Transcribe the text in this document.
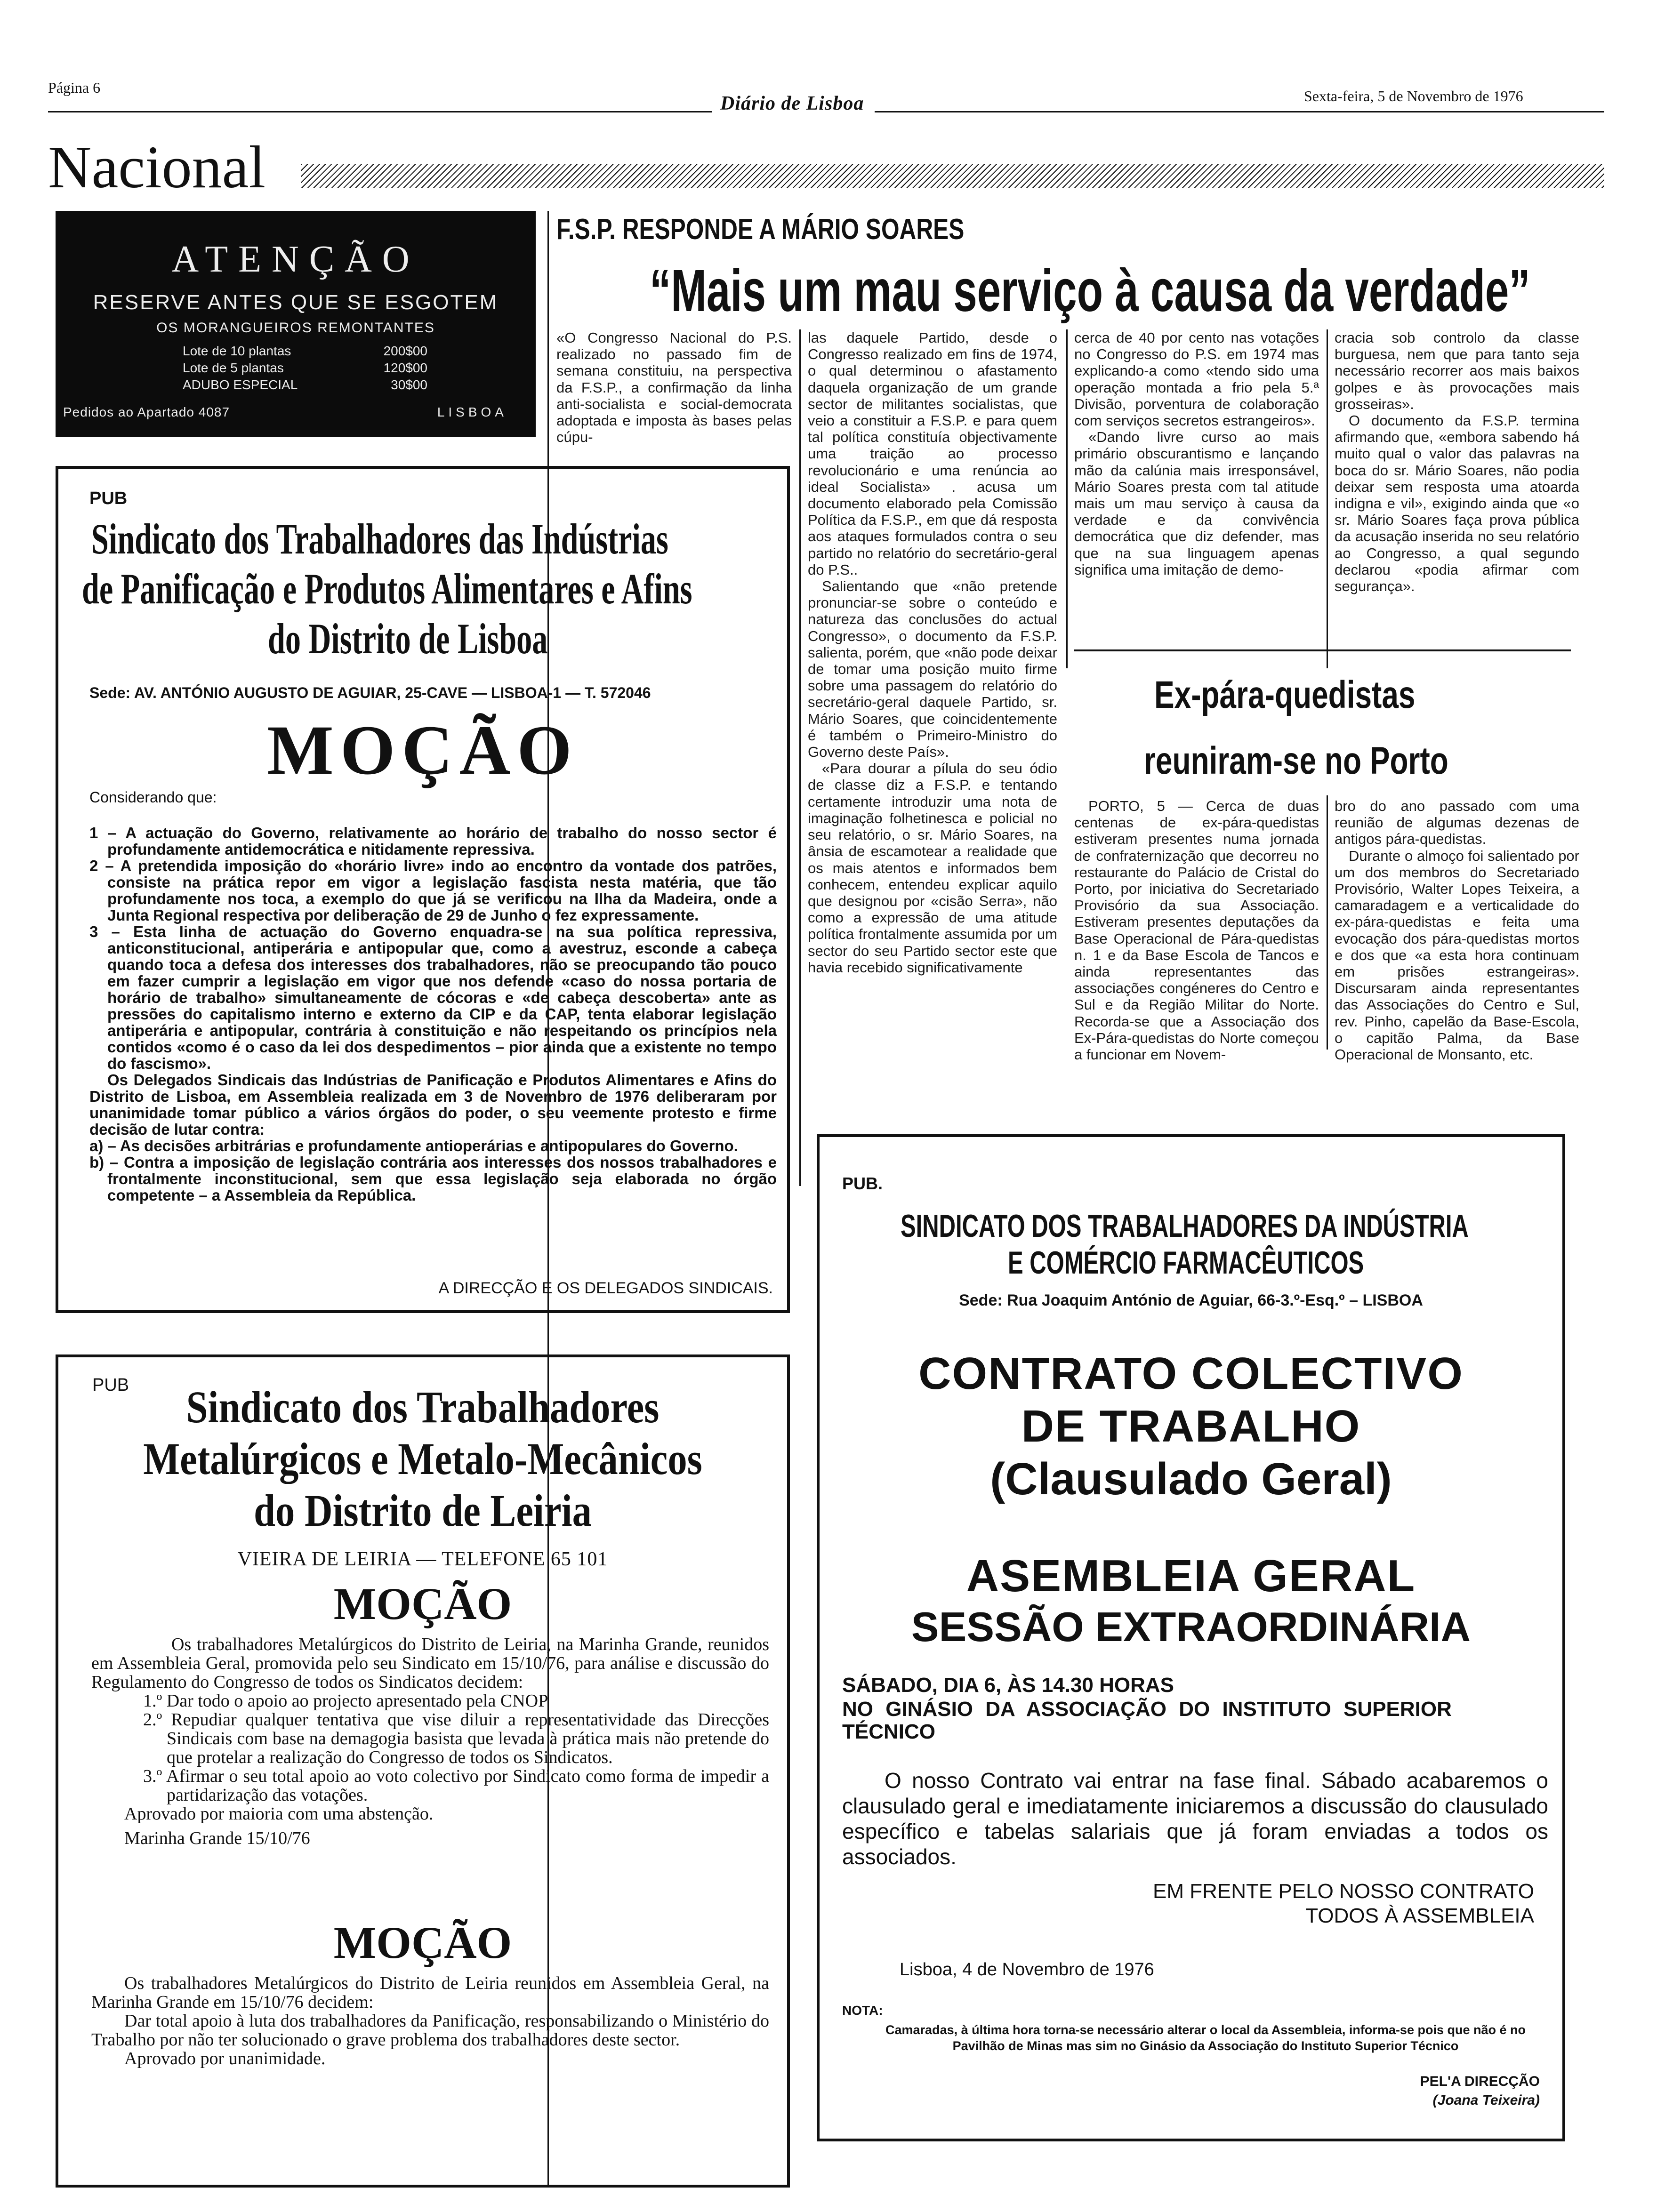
Página 6
Diário de Lisboa	Sexta-feira, 5 de Novembro de 1976
Nacional
ATENÇÃO
RESERVE ANTES QUE SE ESGOTEM
OS MORANGUEIROS REMONTANTES
Lote de 10 plantas	200$00
Lote de 5 plantas	120$00
ADUBO ESPECIAL	30$00
Pedidos ao Apartado 4087	LISBOA
F.S.P. RESPONDE A MÁRIO SOARES
“Mais um mau serviço à causa da verdade”

«O Congresso Nacional do P.S. realizado no passado fim de semana constituiu, na perspectiva da F.S.P., a confirmação da linha anti-socialista e social-democrata adoptada e imposta às bases pelas cúpu-

las daquele Partido, desde o Congresso realizado em fins de 1974, o qual determinou o afastamento daquela organização de um grande sector de militantes socialistas, que veio a constituir a F.S.P. e para quem tal política constituía objectivamente uma traição ao processo revolucionário e uma renúncia ao ideal Socialista» . acusa um documento elaborado pela Comissão Política da F.S.P., em que dá resposta aos ataques formulados contra o seu partido no relatório do secretário-geral do P.S..

Salientando que «não pretende pronunciar-se sobre o conteúdo e natureza das conclusões do actual Congresso», o documento da F.S.P. salienta, porém, que «não pode deixar de tomar uma posição muito firme sobre uma passagem do relatório do secretário-geral daquele Partido, sr. Mário Soares, que coincidentemente é também o Primeiro-Ministro do Governo deste País».

«Para dourar a pílula do seu ódio de classe diz a F.S.P. e tentando certamente introduzir uma nota de imaginação folhetinesca e policial no seu relatório, o sr. Mário Soares, na ânsia de escamotear a realidade que os mais atentos e informados bem conhecem, entendeu explicar aquilo que designou por «cisão Serra», não como a expressão de uma atitude política frontalmente assumida por um sector do seu Partido sector este que havia recebido significativamente

cerca de 40 por cento nas votações no Congresso do P.S. em 1974 mas explicando-a como «tendo sido uma operação montada a frio pela 5.ª Divisão, porventura de colaboração com serviços secretos estrangeiros».

«Dando livre curso ao mais primário obscurantismo e lançando mão da calúnia mais irresponsável, Mário Soares presta com tal atitude mais um mau serviço à causa da verdade e da convivência democrática que diz defender, mas que na sua linguagem apenas significa uma imitação de demo-

cracia sob controlo da classe burguesa, nem que para tanto seja necessário recorrer aos mais baixos golpes e às provocações mais grosseiras».

O documento da F.S.P. termina afirmando que, «embora sabendo há muito qual o valor das palavras na boca do sr. Mário Soares, não podia deixar sem resposta uma atoarda indigna e vil», exigindo ainda que «o sr. Mário Soares faça prova pública da acusação inserida no seu relatório ao Congresso, a qual segundo declarou «podia afirmar com segurança».

Ex-pára-quedistas
reuniram-se no Porto

PORTO, 5 — Cerca de duas centenas de ex-pára-quedistas estiveram presentes numa jornada de confraternização que decorreu no restaurante do Palácio de Cristal do Porto, por iniciativa do Secretariado Provisório da sua Associação. Estiveram presentes deputações da Base Operacional de Pára-quedistas n. 1 e da Base Escola de Tancos e ainda representantes das associações congéneres do Centro e Sul e da Região Militar do Norte. Recorda-se que a Associação dos Ex-Pára-quedistas do Norte começou a funcionar em Novem-

bro do ano passado com uma reunião de algumas dezenas de antigos pára-quedistas.

Durante o almoço foi salientado por um dos membros do Secretariado Provisório, Walter Lopes Teixeira, a camaradagem e a verticalidade do ex-pára-quedistas e feita uma evocação dos pára-quedistas mortos e dos que «a esta hora continuam em prisões estrangeiras». Discursaram ainda representantes das Associações do Centro e Sul, rev. Pinho, capelão da Base-Escola, o capitão Palma, da Base Operacional de Monsanto, etc.

PUB
Sindicato dos Trabalhadores das Indústrias
de Panificação e Produtos Alimentares e Afins
do Distrito de Lisboa
Sede: AV. ANTÓNIO AUGUSTO DE AGUIAR, 25-CAVE — LISBOA-1 — T. 572046
MOÇÃO
Considerando que:

1 – A actuação do Governo, relativamente ao horário de trabalho do nosso sector é profundamente antidemocrática e nitidamente repressiva.

2 – A pretendida imposição do «horário livre» indo ao encontro da vontade dos patrões, consiste na prática repor em vigor a legislação fascista nesta matéria, que tão profundamente nos toca, a exemplo do que já se verificou na Ilha da Madeira, onde a Junta Regional respectiva por deliberação de 29 de Junho o fez expressamente.

3 – Esta linha de actuação do Governo enquadra-se na sua política repressiva, anticonstitucional, antiperária e antipopular que, como a avestruz, esconde a cabeça quando toca a defesa dos interesses dos trabalhadores, não se preocupando tão pouco em fazer cumprir a legislação em vigor que nos defende «caso do nossa portaria de horário de trabalho» simultaneamente de cócoras e «de cabeça descoberta» ante as pressões do capitalismo interno e externo da CIP e da CAP, tenta elaborar legislação antiperária e antipopular, contrária à constituição e não respeitando os princípios nela contidos «como é o caso da lei dos despedimentos – pior ainda que a existente no tempo do fascismo».

Os Delegados Sindicais das Indústrias de Panificação e Produtos Alimentares e Afins do Distrito de Lisboa, em Assembleia realizada em 3 de Novembro de 1976 deliberaram por unanimidade tomar público a vários órgãos do poder, o seu veemente protesto e firme decisão de lutar contra:

a) – As decisões arbitrárias e profundamente antioperárias e antipopulares do Governo.

b) – Contra a imposição de legislação contrária aos interesses dos nossos trabalhadores e frontalmente inconstitucional, sem que essa legislação seja elaborada no órgão competente – a Assembleia da República.

A DIRECÇÃO E OS DELEGADOS SINDICAIS.
PUB	Sindicato dos Trabalhadores
Metalúrgicos e Metalo-Mecânicos
do Distrito de Leiria
VIEIRA DE LEIRIA — TELEFONE 65 101
MOÇÃO

Os trabalhadores Metalúrgicos do Distrito de Leiria, na Marinha Grande, reunidos em Assembleia Geral, promovida pelo seu Sindicato em 15/10/76, para análise e discussão do Regulamento do Congresso de todos os Sindicatos decidem:

1.º Dar todo o apoio ao projecto apresentado pela CNOP

2.º Repudiar qualquer tentativa que vise diluir a representatividade das Direcções Sindicais com base na demagogia basista que levada à prática mais não pretende do que protelar a realização do Congresso de todos os Sindicatos.

3.º Afirmar o seu total apoio ao voto colectivo por Sindicato como forma de impedir a partidarização das votações.

Aprovado por maioria com uma abstenção.

Marinha Grande 15/10/76

MOÇÃO

Os trabalhadores Metalúrgicos do Distrito de Leiria reunidos em Assembleia Geral, na Marinha Grande em 15/10/76 decidem:

Dar total apoio à luta dos trabalhadores da Panificação, responsabilizando o Ministério do Trabalho por não ter solucionado o grave problema dos trabalhadores deste sector.

Aprovado por unanimidade.

PUB.
SINDICATO DOS TRABALHADORES DA INDÚSTRIA
E COMÉRCIO FARMACÊUTICOS
Sede: Rua Joaquim António de Aguiar, 66-3.º-Esq.º – LISBOA
CONTRATO COLECTIVO
DE TRABALHO
(Clausulado Geral)
ASEMBLEIA GERAL
SESSÃO EXTRAORDINÁRIA
SÁBADO, DIA 6, ÀS 14.30 HORAS
NO GINÁSIO DA ASSOCIAÇÃO DO INSTITUTO SUPERIOR TÉCNICO
O nosso Contrato vai entrar na fase final. Sábado acabaremos o clausulado geral e imediatamente iniciaremos a discussão do clausulado específico e tabelas salariais que já foram enviadas a todos os associados.
EM FRENTE PELO NOSSO CONTRATO
TODOS À ASSEMBLEIA
Lisboa, 4 de Novembro de 1976
NOTA:
Camaradas, à última hora torna-se necessário alterar o local da Assembleia, informa-se pois que não é no Pavilhão de Minas mas sim no Ginásio da Associação do Instituto Superior Técnico
PEL'A DIRECÇÃO
(Joana Teixeira)
